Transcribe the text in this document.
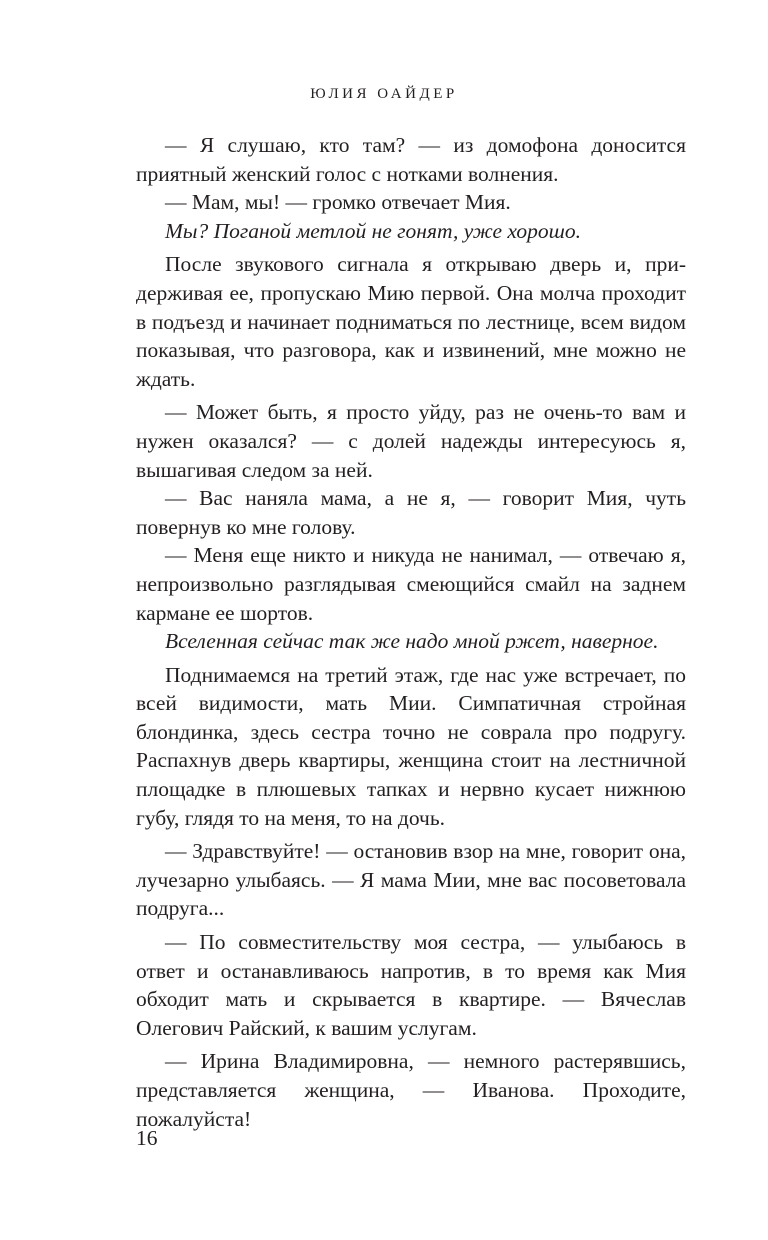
ЮЛИЯ ОАЙДЕР

— Я слушаю, кто там? — из домофона доносится приятный женский голос с нотками волнения.

— Мам, мы! — громко отвечает Мия.

Мы? Поганой метлой не гонят, уже хорошо.

После звукового сигнала я открываю дверь и, придерживая ее, пропускаю Мию первой. Она молча проходит в подъезд и начинает подниматься по лестнице, всем видом показывая, что разговора, как и извинений, мне можно не ждать.

— Может быть, я просто уйду, раз не очень-то вам и нужен оказался? — с долей надежды интересуюсь я, вышагивая следом за ней.

— Вас наняла мама, а не я, — говорит Мия, чуть повернув ко мне голову.

— Меня еще никто и никуда не нанимал, — отвечаю я, непроизвольно разглядывая смеющийся смайл на заднем кармане ее шортов.

Вселенная сейчас так же надо мной ржет, наверное.

Поднимаемся на третий этаж, где нас уже встречает, по всей видимости, мать Мии. Симпатичная стройная блондинка, здесь сестра точно не соврала про подругу. Распахнув дверь квартиры, женщина стоит на лестничной площадке в плюшевых тапках и нервно кусает нижнюю губу, глядя то на меня, то на дочь.

— Здравствуйте! — остановив взор на мне, говорит она, лучезарно улыбаясь. — Я мама Мии, мне вас посоветовала подруга...

— По совместительству моя сестра, — улыбаюсь в ответ и останавливаюсь напротив, в то время как Мия обходит мать и скрывается в квартире. — Вячеслав Олегович Райский, к вашим услугам.

— Ирина Владимировна, — немного растерявшись, представляется женщина, — Иванова. Проходите, пожалуйста!

16
